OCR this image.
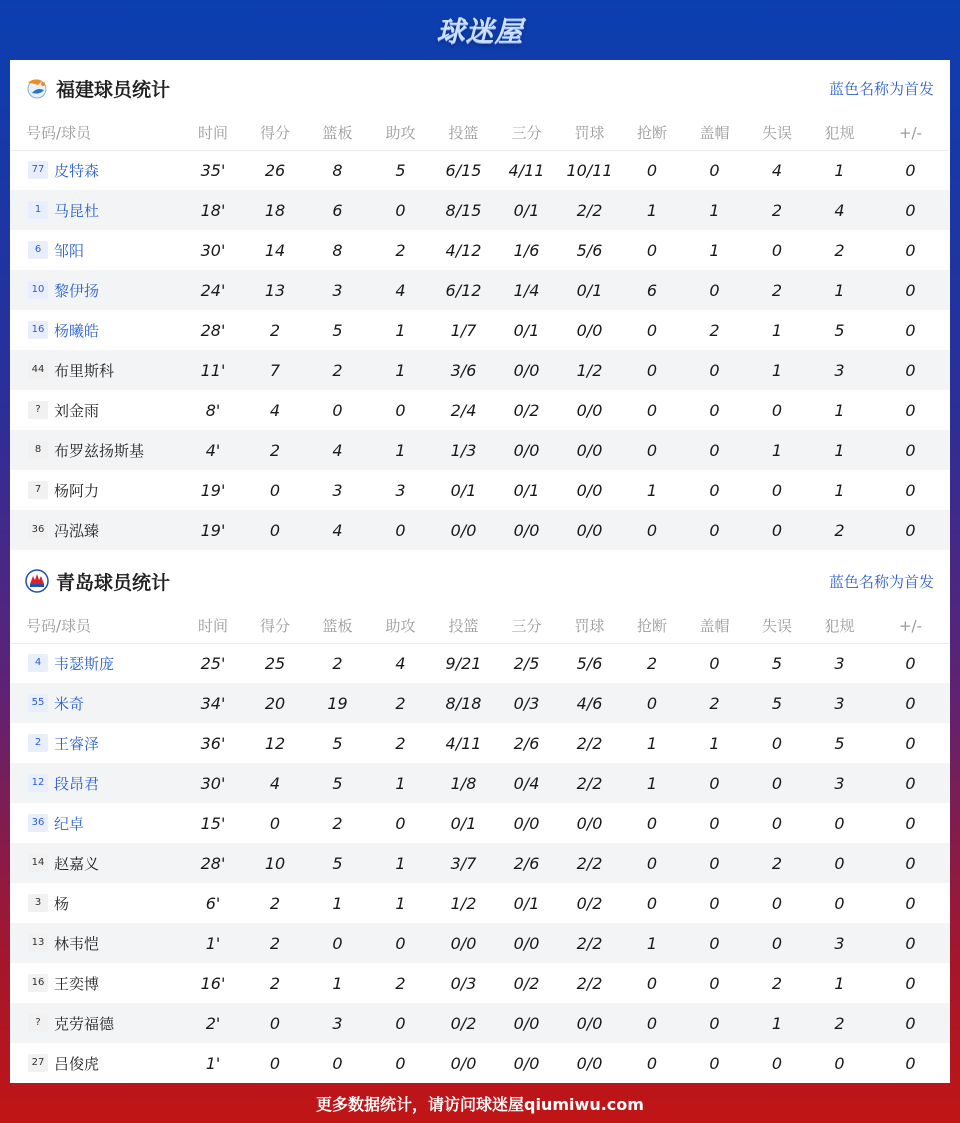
球迷屋
福建球员统计	蓝色名称为首发
号码/球员	时间	得分	篮板	助攻	投篮	三分	罚球	抢断	盖帽	失误	犯规	+/-
77 皮特森	35'	26	8	5	6/15	4/11	10/11	0	0	4	1	0
1 马昆杜	18'	18	6	0	8/15	0/1	2/2	1	1	2	4	0
6 邹阳	30'	14	8	2	4/12	1/6	5/6	0	1	0	2	0
10 黎伊扬	24'	13	3	4	6/12	1/4	0/1	6	0	2	1	0
16 杨曦皓	28'	2	5	1	1/7	0/1	0/0	0	2	1	5	0
44 布里斯科	11'	7	2	1	3/6	0/0	1/2	0	0	1	3	0
? 刘金雨	8'	4	0	0	2/4	0/2	0/0	0	0	0	1	0
8 布罗兹扬斯基	4'	2	4	1	1/3	0/0	0/0	0	0	1	1	0
7 杨阿力	19'	0	3	3	0/1	0/1	0/0	1	0	0	1	0
36 冯泓臻	19'	0	4	0	0/0	0/0	0/0	0	0	0	2	0
青岛球员统计	蓝色名称为首发
号码/球员	时间	得分	篮板	助攻	投篮	三分	罚球	抢断	盖帽	失误	犯规	+/-
4 韦瑟斯庞	25'	25	2	4	9/21	2/5	5/6	2	0	5	3	0
55 米奇	34'	20	19	2	8/18	0/3	4/6	0	2	5	3	0
2 王睿泽	36'	12	5	2	4/11	2/6	2/2	1	1	0	5	0
12 段昂君	30'	4	5	1	1/8	0/4	2/2	1	0	0	3	0
36 纪卓	15'	0	2	0	0/1	0/0	0/0	0	0	0	0	0
14 赵嘉义	28'	10	5	1	3/7	2/6	2/2	0	0	2	0	0
3 杨	6'	2	1	1	1/2	0/1	0/2	0	0	0	0	0
13 林韦恺	1'	2	0	0	0/0	0/0	2/2	1	0	0	3	0
16 王奕博	16'	2	1	2	0/3	0/2	2/2	0	0	2	1	0
? 克劳福德	2'	0	3	0	0/2	0/0	0/0	0	0	1	2	0
27 吕俊虎	1'	0	0	0	0/0	0/0	0/0	0	0	0	0	0
更多数据统计，请访问球迷屋qiumiwu.com
